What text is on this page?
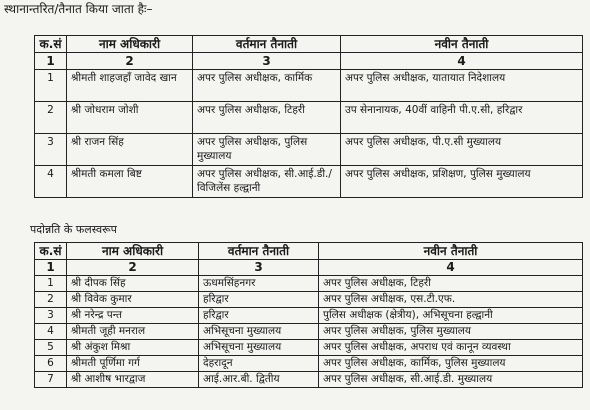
स्थानान्तरित/तैनात किया जाता हैः–
क.सं	नाम अधिकारी	वर्तमान तैनाती	नवीन तैनाती
1	2	3	4
1	श्रीमती शाहजहाँ जावेद खान	अपर पुलिस अधीक्षक, कार्मिक	अपर पुलिस अधीक्षक, यातायात निदेशालय
2	श्री जोधराम जोशी	अपर पुलिस अधीक्षक, टिहरी	उप सेनानायक, 40वीं वाहिनी पी.ए.सी, हरिद्वार
3	श्री राजन सिंह	अपर पुलिस अधीक्षक, पुलिस मुख्यालय	अपर पुलिस अधीक्षक, पी.ए.सी मुख्यालय
4	श्रीमती कमला बिष्ट	अपर पुलिस अधीक्षक, सी.आई.डी./विजिलेंस हल्द्वानी	अपर पुलिस अधीक्षक, प्रशिक्षण, पुलिस मुख्यालय
पदोन्नति के फलस्वरूप
क.सं	नाम अधिकारी	वर्तमान तैनाती	नवीन तैनाती
1	2	3	4
1	श्री दीपक सिंह	ऊधमसिंहनगर	अपर पुलिस अधीक्षक, टिहरी
2	श्री विवेक कुमार	हरिद्वार	अपर पुलिस अधीक्षक, एस.टी.एफ.
3	श्री नरेन्द्र पन्त	हरिद्वार	पुलिस अधीक्षक (क्षेत्रीय), अभिसूचना हल्द्वानी
4	श्रीमती जूही मनराल	अभिसूचना मुख्यालय	अपर पुलिस अधीक्षक, पुलिस मुख्यालय
5	श्री अंकुश मिश्रा	अभिसूचना मुख्यालय	अपर पुलिस अधीक्षक, अपराध एवं कानून व्यवस्था
6	श्रीमती पूर्णिमा गर्ग	देहरादून	अपर पुलिस अधीक्षक, कार्मिक, पुलिस मुख्यालय
7	श्री आशीष भारद्वाज	आई.आर.बी. द्वितीय	अपर पुलिस अधीक्षक, सी.आई.डी. मुख्यालय
